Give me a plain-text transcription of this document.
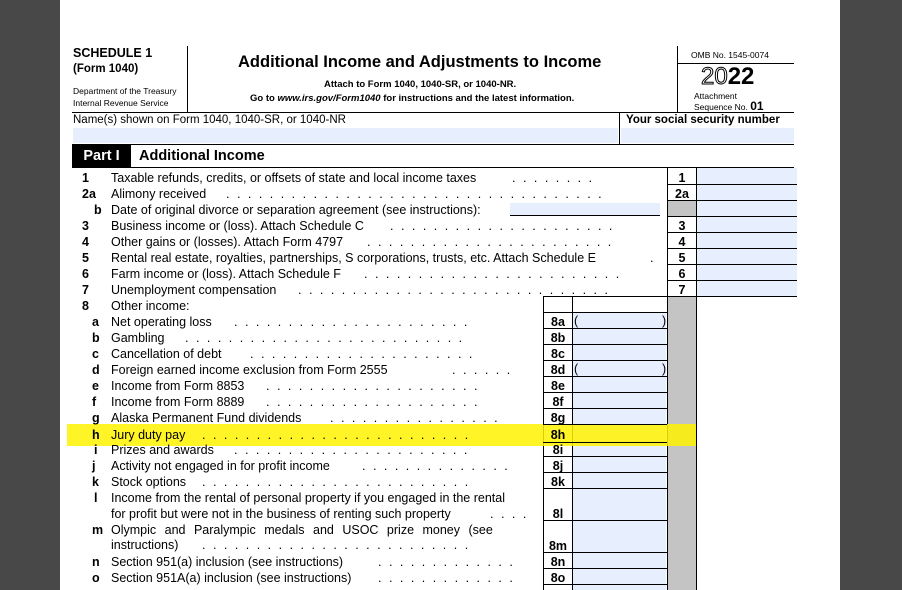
SCHEDULE 1
(Form 1040)
Department of the Treasury
Internal Revenue Service
Additional Income and Adjustments to Income
Attach to Form 1040, 1040-SR, or 1040-NR.
Go to www.irs.gov/Form1040 for instructions and the latest information.
OMB No. 1545-0074
2022
Attachment
Sequence No. 01
Name(s) shown on Form 1040, 1040-SR, or 1040-NR	Your social security number
Part I	Additional Income
1 Taxable refunds, credits, or offsets of state and local income taxes	. . . . . . . .	1
2a Alimony received . . . . . . . . . . . . . . . . . . . . . . . . . . . . . . . . . . .	2a
b Date of original divorce or separation agreement (see instructions):
3 Business income or (loss). Attach Schedule C . . . . . . . . . . . . . . . . . . . . .	3
4 Other gains or (losses). Attach Form 4797 . . . . . . . . . . . . . . . . . . . . . . .	4
5 Rental real estate, royalties, partnerships, S corporations, trusts, etc. Attach Schedule E	.	5
6 Farm income or (loss). Attach Schedule F . . . . . . . . . . . . . . . . . . . . . . . .	6
7 Unemployment compensation . . . . . . . . . . . . . . . . . . . . . . . . . . . . .	7
8 Other income:
a Net operating loss . . . . . . . . . . . . . . . . . . . . . .	8a (	)
b Gambling . . . . . . . . . . . . . . . . . . . . . . . . . .	8b
c Cancellation of debt . . . . . . . . . . . . . . . . . . . . .	8c
d Foreign earned income exclusion from Form 2555	. . . . . .	8d (	)
e Income from Form 8853 . . . . . . . . . . . . . . . . . . . .	8e
f Income from Form 8889 . . . . . . . . . . . . . . . . . . . .	8f
g Alaska Permanent Fund dividends . . . . . . . . . . . . . . . .	8g
h Jury duty pay . . . . . . . . . . . . . . . . . . . . . . . . .	8h
i Prizes and awards . . . . . . . . . . . . . . . . . . . . . .	8i
j Activity not engaged in for profit income	. . . . . . . . . . . . . .	8j
k Stock options . . . . . . . . . . . . . . . . . . . . . . . . .	8k
l Income from the rental of personal property if you engaged in the rental
for profit but were not in the business of renting such property	. . . .	8l
m Olympic and Paralympic medals and USOC prize money (see
instructions) . . . . . . . . . . . . . . . . . . . . . . . . .	8m
n Section 951(a) inclusion (see instructions)	. . . . . . . . . . . . .	8n
o Section 951A(a) inclusion (see instructions) . . . . . . . . . . . . .	8o
